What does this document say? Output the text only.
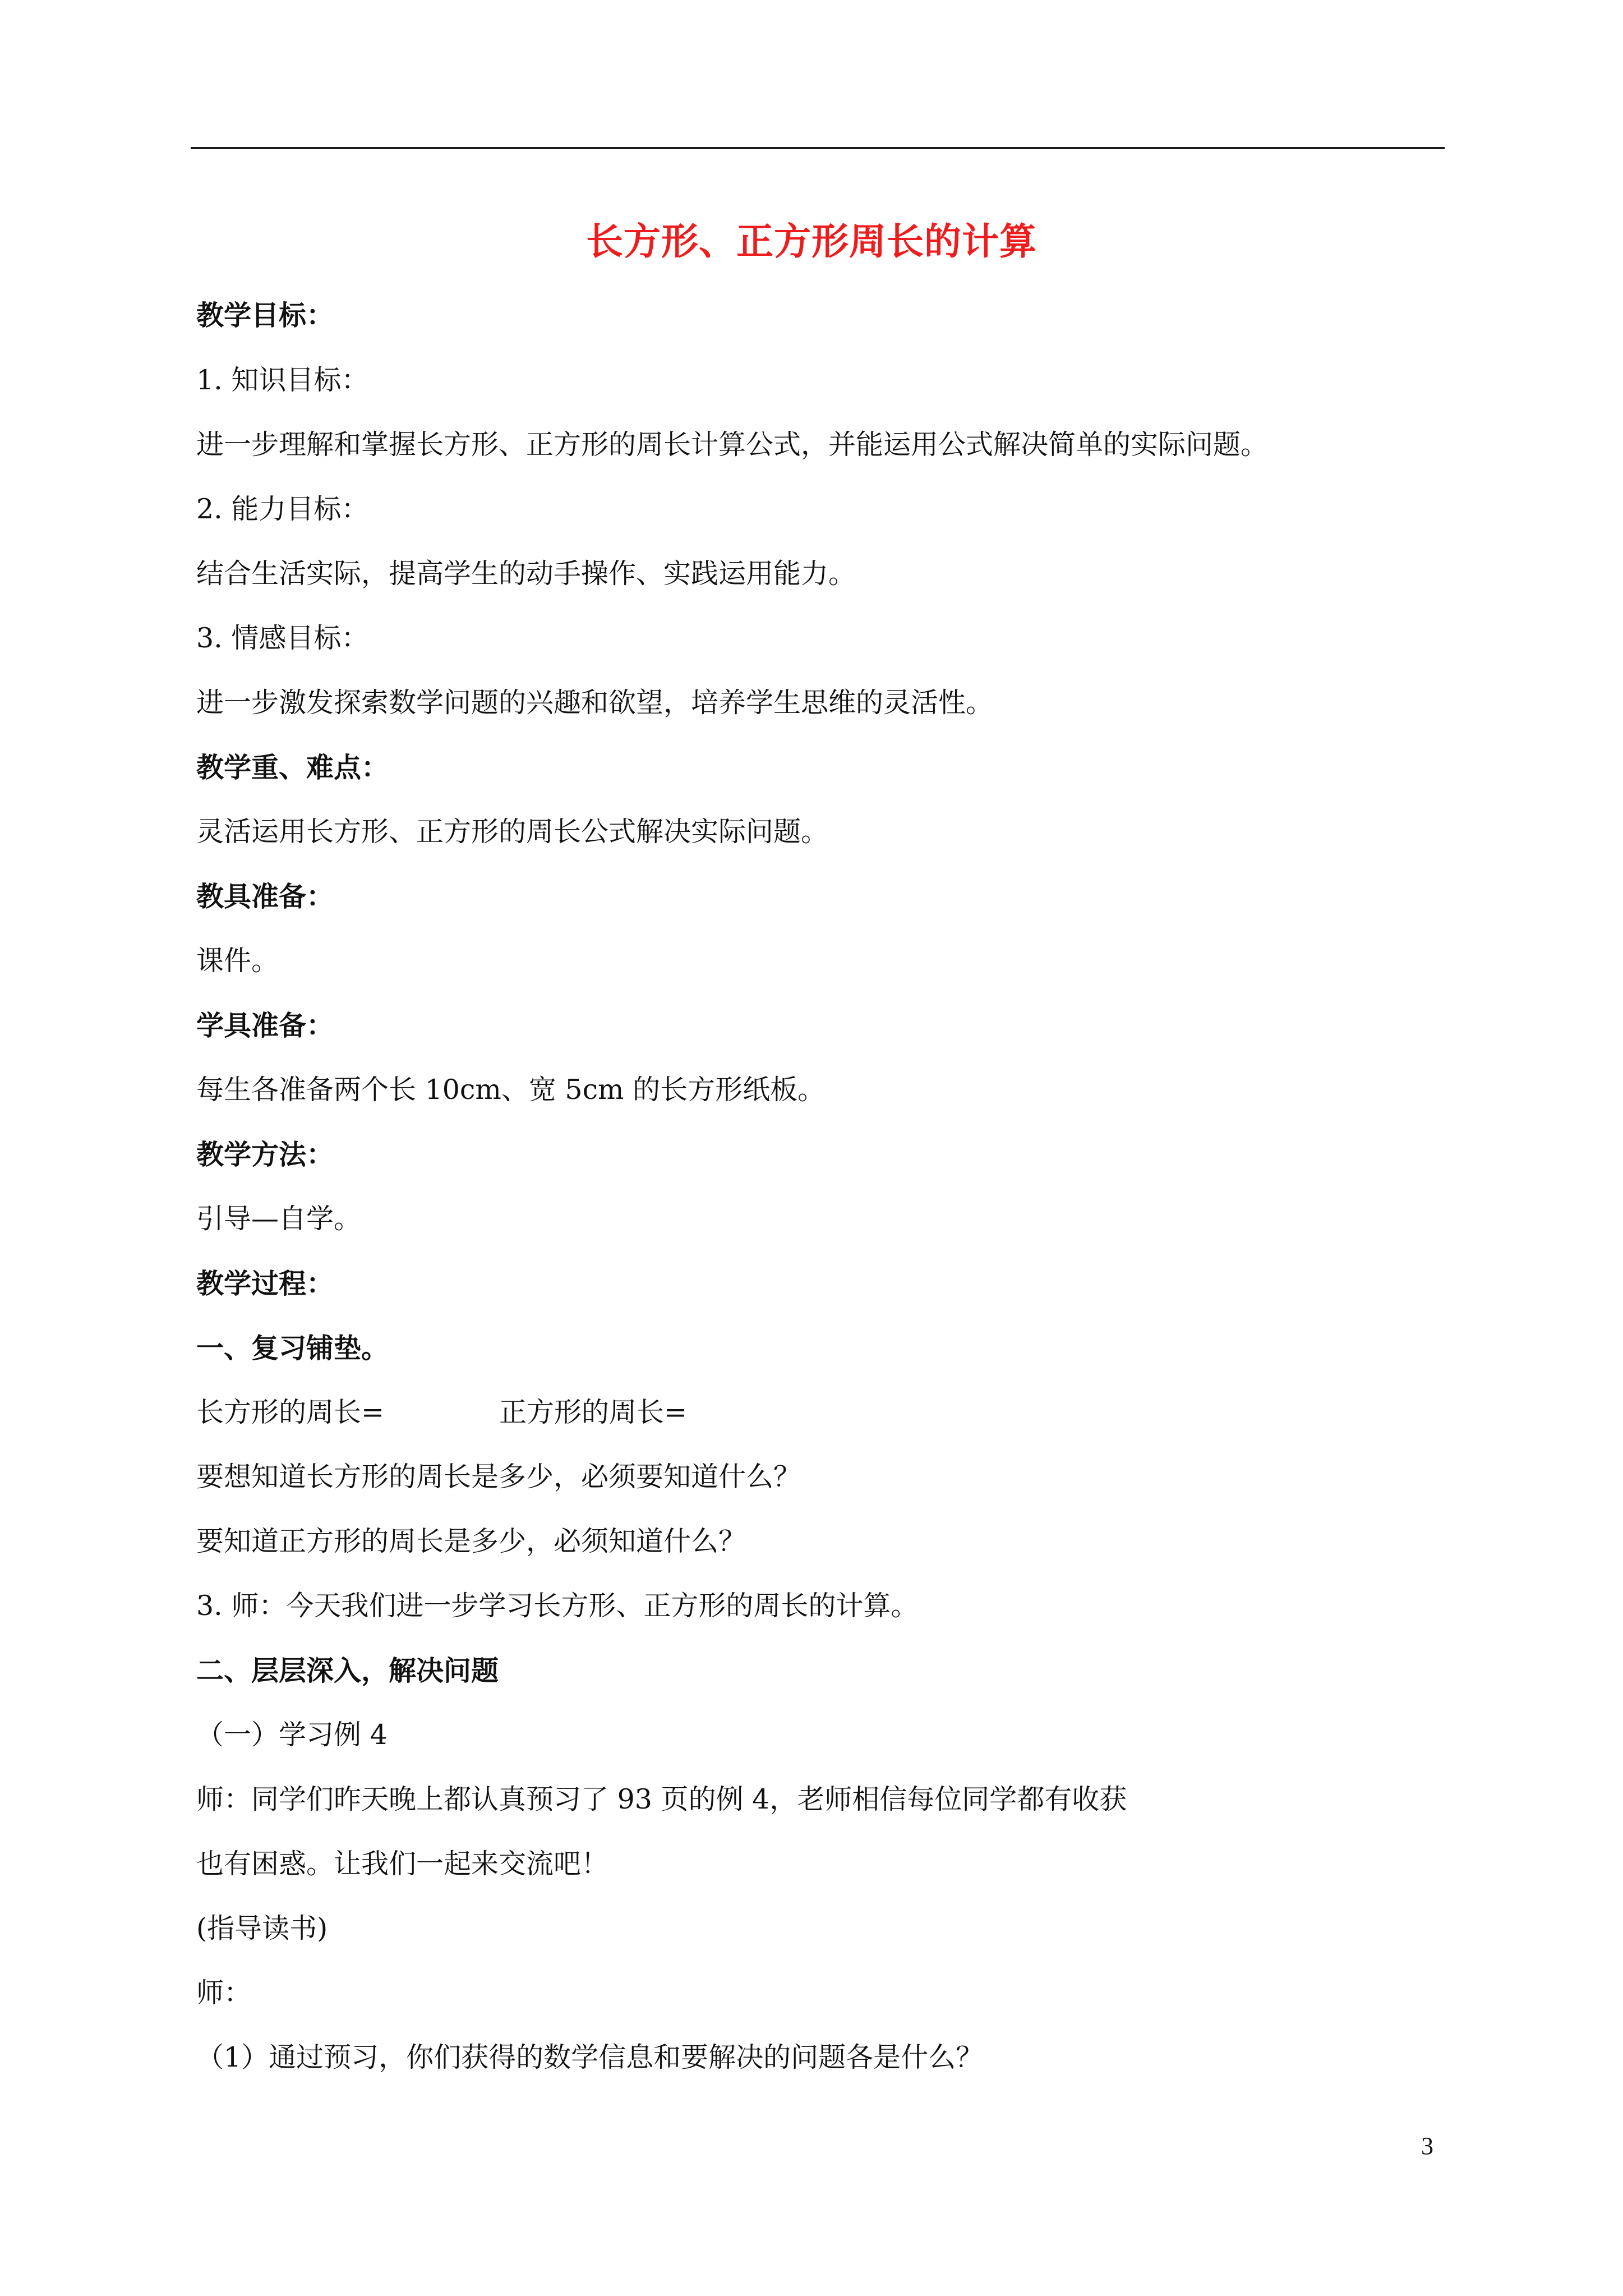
长方形、正方形周长的计算
教学目标：
1. 知识目标：
进一步理解和掌握长方形、正方形的周长计算公式，并能运用公式解决简单的实际问题。
2. 能力目标：
结合生活实际，提高学生的动手操作、实践运用能力。
3. 情感目标：
进一步激发探索数学问题的兴趣和欲望，培养学生思维的灵活性。
教学重、难点：
灵活运用长方形、正方形的周长公式解决实际问题。
教具准备：
课件。
学具准备：
每生各准备两个长 10cm、宽 5cm 的长方形纸板。
教学方法：
引导—自学。
教学过程：
一、复习铺垫。
长方形的周长=	正方形的周长=
要想知道长方形的周长是多少，必须要知道什么？
要知道正方形的周长是多少，必须知道什么？
3. 师：今天我们进一步学习长方形、正方形的周长的计算。
二、层层深入，解决问题
（一）学习例 4
师：同学们昨天晚上都认真预习了 93 页的例 4，老师相信每位同学都有收获
也有困惑。让我们一起来交流吧！
(指导读书)
师：
（1）通过预习，你们获得的数学信息和要解决的问题各是什么？
3
